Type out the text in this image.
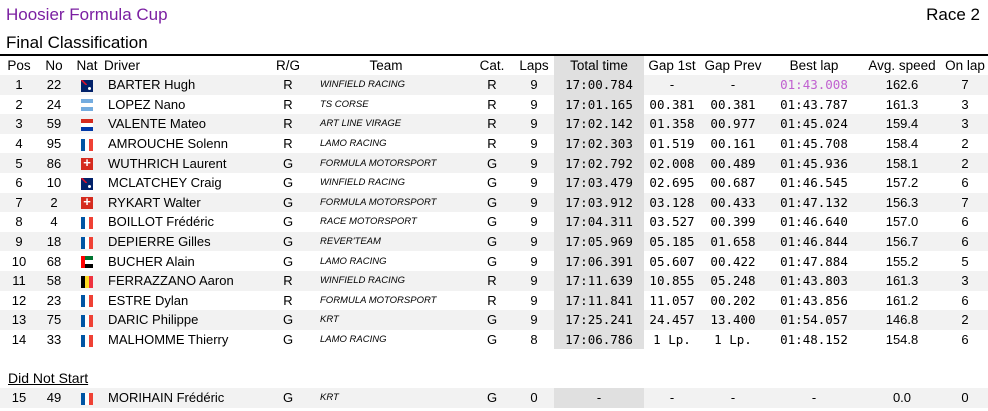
Hoosier Formula Cup	Race 2
Final Classification
Pos	No	Nat	Driver	R/G	Team	Cat.	Laps	Total time	Gap 1st	Gap Prev	Best lap	Avg. speed	On lap
1	22		BARTER Hugh	R	WINFIELD RACING	R	9	17:00.784	-	-	01:43.008	162.6	7
2	24		LOPEZ Nano	R	TS CORSE	R	9	17:01.165	00.381	00.381	01:43.787	161.3	3
3	59		VALENTE Mateo	R	ART LINE VIRAGE	R	9	17:02.142	01.358	00.977	01:45.024	159.4	3
4	95		AMROUCHE Solenn	R	LAMO RACING	R	9	17:02.303	01.519	00.161	01:45.708	158.4	2
5	86	+	WUTHRICH Laurent	G	FORMULA MOTORSPORT	G	9	17:02.792	02.008	00.489	01:45.936	158.1	2
6	10		MCLATCHEY Craig	G	WINFIELD RACING	G	9	17:03.479	02.695	00.687	01:46.545	157.2	6
7	2	+	RYKART Walter	G	FORMULA MOTORSPORT	G	9	17:03.912	03.128	00.433	01:47.132	156.3	7
8	4		BOILLOT Frédéric	G	RACE MOTORSPORT	G	9	17:04.311	03.527	00.399	01:46.640	157.0	6
9	18		DEPIERRE Gilles	G	REVER'TEAM	G	9	17:05.969	05.185	01.658	01:46.844	156.7	6
10	68		BUCHER Alain	G	LAMO RACING	G	9	17:06.391	05.607	00.422	01:47.884	155.2	5
11	58		FERRAZZANO Aaron	R	WINFIELD RACING	R	9	17:11.639	10.855	05.248	01:43.803	161.3	3
12	23		ESTRE Dylan	R	FORMULA MOTORSPORT	R	9	17:11.841	11.057	00.202	01:43.856	161.2	6
13	75		DARIC Philippe	G	KRT	G	9	17:25.241	24.457	13.400	01:54.057	146.8	2
14	33		MALHOMME Thierry	G	LAMO RACING	G	8	17:06.786	1 Lp.	1 Lp.	01:48.152	154.8	6
Did Not Start
15	49		MORIHAIN Frédéric	G	KRT	G	0	-	-	-	-	0.0	0
